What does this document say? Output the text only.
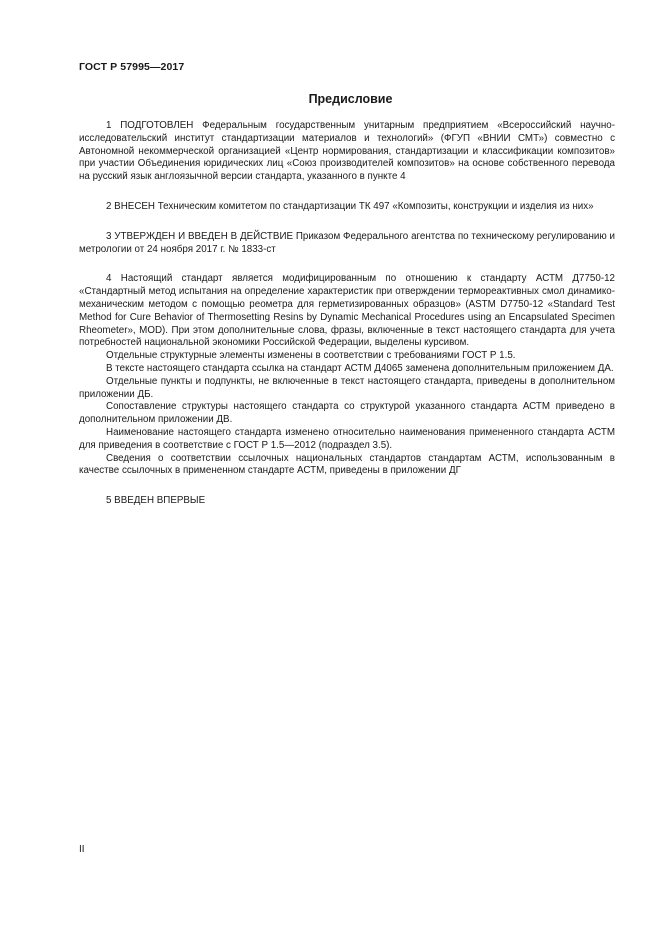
ГОСТ Р 57995—2017
Предисловие

1 ПОДГОТОВЛЕН Федеральным государственным унитарным предприятием «Всероссийский научно-исследовательский институт стандартизации материалов и технологий» (ФГУП «ВНИИ СМТ») совместно с Автономной некоммерческой организацией «Центр нормирования, стандартизации и классификации композитов» при участии Объединения юридических лиц «Союз производителей композитов» на основе собственного перевода на русский язык англоязычной версии стандарта, указанного в пункте 4

2 ВНЕСЕН Техническим комитетом по стандартизации ТК 497 «Композиты, конструкции и изделия из них»

3 УТВЕРЖДЕН И ВВЕДЕН В ДЕЙСТВИЕ Приказом Федерального агентства по техническому регулированию и метрологии от 24 ноября 2017 г. № 1833-ст

4 Настоящий стандарт является модифицированным по отношению к стандарту АСТМ Д7750-12 «Стандартный метод испытания на определение характеристик при отверждении термореактивных смол динамико-механическим методом с помощью реометра для герметизированных образцов» (ASTM D7750-12 «Standard Test Method for Cure Behavior of Thermosetting Resins by Dynamic Mechanical Procedures using an Encapsulated Specimen Rheometer», MOD). При этом дополнительные слова, фразы, включенные в текст настоящего стандарта для учета потребностей национальной экономики Российской Федерации, выделены курсивом.

Отдельные структурные элементы изменены в соответствии с требованиями ГОСТ Р 1.5.

В тексте настоящего стандарта ссылка на стандарт АСТМ Д4065 заменена дополнительным приложением ДА.

Отдельные пункты и подпункты, не включенные в текст настоящего стандарта, приведены в дополнительном приложении ДБ.

Сопоставление структуры настоящего стандарта со структурой указанного стандарта АСТМ приведено в дополнительном приложении ДВ.

Наименование настоящего стандарта изменено относительно наименования примененного стандарта АСТМ для приведения в соответствие с ГОСТ Р 1.5—2012 (подраздел 3.5).

Сведения о соответствии ссылочных национальных стандартов стандартам АСТМ, использованным в качестве ссылочных в примененном стандарте АСТМ, приведены в приложении ДГ

5 ВВЕДЕН ВПЕРВЫЕ

II
